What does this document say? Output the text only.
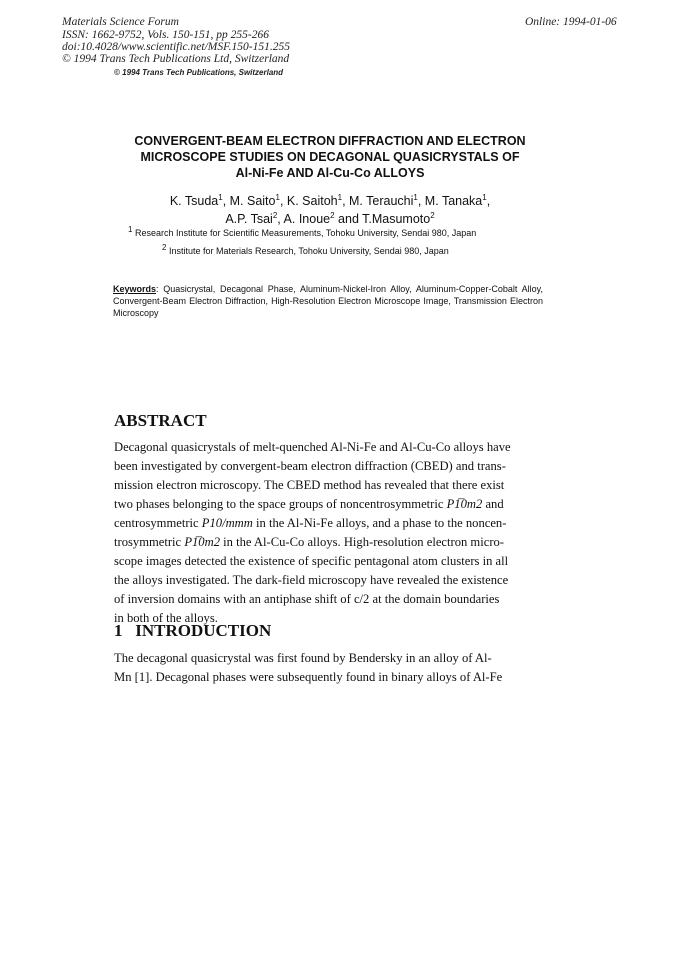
Materials Science Forum
ISSN: 1662-9752, Vols. 150-151, pp 255-266
doi:10.4028/www.scientific.net/MSF.150-151.255
© 1994 Trans Tech Publications Ltd, Switzerland
Online: 1994-01-06
© 1994 Trans Tech Publications, Switzerland
CONVERGENT-BEAM ELECTRON DIFFRACTION AND ELECTRON
MICROSCOPE STUDIES ON DECAGONAL QUASICRYSTALS OF
Al-Ni-Fe AND Al-Cu-Co ALLOYS
K. Tsuda$^1$, M. Saito$^1$, K. Saitoh$^1$, M. Terauchi$^1$, M. Tanaka$^1$,
A.P. Tsai$^2$, A. Inoue$^2$ and T.Masumoto$^2$
$^1$ Research Institute for Scientific Measurements, Tohoku University, Sendai 980, Japan
$^2$ Institute for Materials Research, Tohoku University, Sendai 980, Japan
Keywords: Quasicrystal, Decagonal Phase, Aluminum-Nickel-Iron Alloy, Aluminum-Copper-Cobalt Alloy, Convergent-Beam Electron Diffraction, High-Resolution Electron Microscope Image, Transmission Electron Microscopy
ABSTRACT
Decagonal quasicrystals of melt-quenched Al-Ni-Fe and Al-Cu-Co alloys have
been investigated by convergent-beam electron diffraction (CBED) and trans-
mission electron microscopy. The CBED method has revealed that there exist
two phases belonging to the space groups of noncentrosymmetric P1̅0m2 and
centrosymmetric P10/mmm in the Al-Ni-Fe alloys, and a phase to the noncen-
trosymmetric P1̅0m2 in the Al-Cu-Co alloys. High-resolution electron micro-
scope images detected the existence of specific pentagonal atom clusters in all
the alloys investigated. The dark-field microscopy have revealed the existence
of inversion domains with an antiphase shift of c/2 at the domain boundaries
in both of the alloys.
1 INTRODUCTION
The decagonal quasicrystal was first found by Bendersky in an alloy of Al-
Mn [1]. Decagonal phases were subsequently found in binary alloys of Al-Fe
